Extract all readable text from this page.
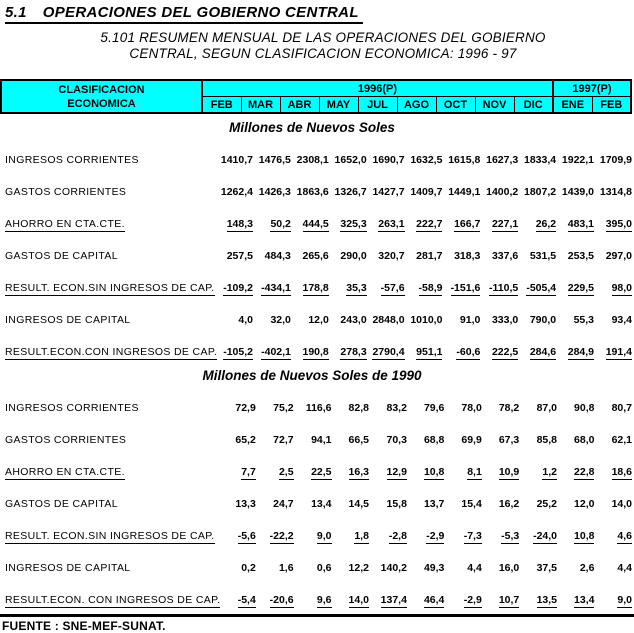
5.1 OPERACIONES DEL GOBIERNO CENTRAL
5.101 RESUMEN MENSUAL DE LAS OPERACIONES DEL GOBIERNO
CENTRAL, SEGUN CLASIFICACION ECONOMICA: 1996 - 97
CLASIFICACION
ECONOMICA	1996(P)									1997(P)	
	FEB	MAR	ABR	MAY	JUL	AGO	OCT	NOV	DIC	ENE	FEB
Millones de Nuevos Soles
INGRESOS CORRIENTES	1410,7	1476,5	2308,1	1652,0	1690,7	1632,5	1615,8	1627,3	1833,4	1922,1	1709,9
GASTOS CORRIENTES	1262,4	1426,3	1863,6	1326,7	1427,7	1409,7	1449,1	1400,2	1807,2	1439,0	1314,8
AHORRO EN CTA.CTE.	148,3	50,2	444,5	325,3	263,1	222,7	166,7	227,1	26,2	483,1	395,0
GASTOS DE CAPITAL	257,5	484,3	265,6	290,0	320,7	281,7	318,3	337,6	531,5	253,5	297,0
RESULT. ECON.SIN INGRESOS DE CAP.	-109,2	-434,1	178,8	35,3	-57,6	-58,9	-151,6	-110,5	-505,4	229,5	98,0
INGRESOS DE CAPITAL	4,0	32,0	12,0	243,0	2848,0	1010,0	91,0	333,0	790,0	55,3	93,4
RESULT.ECON.CON INGRESOS DE CAP.	-105,2	-402,1	190,8	278,3	2790,4	951,1	-60,6	222,5	284,6	284,9	191,4
Millones de Nuevos Soles de 1990
INGRESOS CORRIENTES	72,9	75,2	116,6	82,8	83,2	79,6	78,0	78,2	87,0	90,8	80,7
GASTOS CORRIENTES	65,2	72,7	94,1	66,5	70,3	68,8	69,9	67,3	85,8	68,0	62,1
AHORRO EN CTA.CTE.	7,7	2,5	22,5	16,3	12,9	10,8	8,1	10,9	1,2	22,8	18,6
GASTOS DE CAPITAL	13,3	24,7	13,4	14,5	15,8	13,7	15,4	16,2	25,2	12,0	14,0
RESULT. ECON.SIN INGRESOS DE CAP.	-5,6	-22,2	9,0	1,8	-2,8	-2,9	-7,3	-5,3	-24,0	10,8	4,6
INGRESOS DE CAPITAL	0,2	1,6	0,6	12,2	140,2	49,3	4,4	16,0	37,5	2,6	4,4
RESULT.ECON. CON INGRESOS DE CAP.	-5,4	-20,6	9,6	14,0	137,4	46,4	-2,9	10,7	13,5	13,4	9,0
FUENTE : SNE-MEF-SUNAT.
